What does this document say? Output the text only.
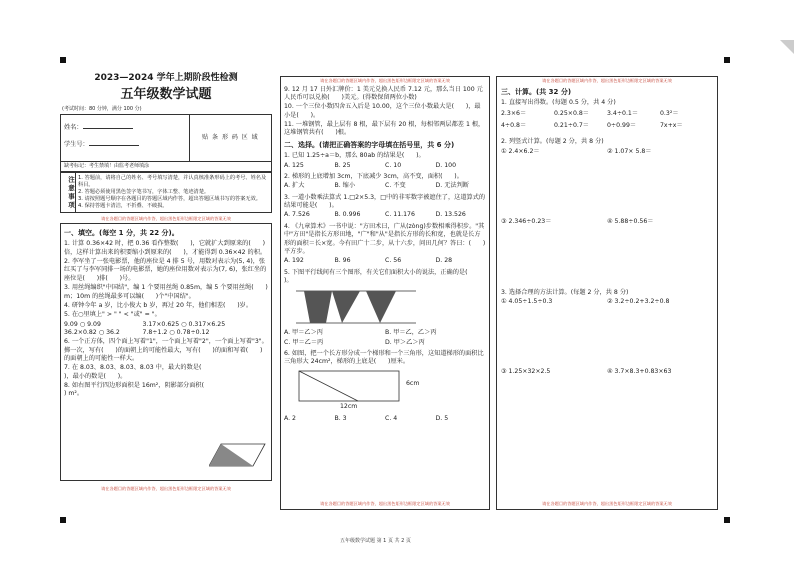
2023—2024 学年上期阶段性检测
五年级数学试题
(考试时间：80 分钟，满分 100 分)
姓名：
学生号：
贴 条 形 码 区 域
缺考标记：考生禁填！由监考老师填涂
注意事项 1. 答题前，请将自己的姓名、考号填写清楚，并认真核准条形码上的考号、姓名及科目。
2. 答题必须使用黑色签字笔书写，字体工整、笔迹清楚。
3. 请按照题号顺序在各题目的答题区域内作答，超出答题区域书写的答案无效。
4. 保持答题卡清洁，不折叠、不破损。
请在各题目的答题区域内作答，超出黑色矩形边框限定区域的答案无效
一、填空。(每空 1 分，共 22 分)。
1. 计算 0.36×42 时，把 0.36 看作整数(      )，它就扩大到原来的(      )倍，这样计算出来的积要缩小到原来的(      )，才能得到 0.36×42 的积。
2. 李军坐了一张电影票，他的座位是 4 排 5 号，用数对表示为(5, 4)，张红买了与李军同排一场的电影票，她的座位用数对表示为(7, 6)，张红坐的座位是(      )排(      )号。
3. 用丝绳编织"中国结"，编 1 个要用丝绳 0.85m，编 5 个要用丝绳(      ) m；10m 的丝绳最多可以编(      )个"中国结"。
4. 研钟今年 a 岁，比小俊大 b 岁，再过 20 年，他们相差(      )岁。
5. 在○里填上" > " " < "或" = "。
9.09 ○ 9.09	3.17×0.625 ○ 0.317×6.25
36.2×0.82 ○ 36.2	7.8÷1.2 ○ 0.78÷0.12
6. 一个正方体，四个面上写着"1"，一个面上写着"2"，一个面上写着"3"。掷一次，写有(      )的面朝上的可能性最大，写有(      )的面和写着(      )的面朝上的可能性一样大。
7. 在 8.03、8.03、8.03、8.03 中，最大的数是(      )，最小的数是(      )。
8. 如右图平行四边形面积是 16m²，阴影部分面积(      ) m²。
请在各题目的答题区域内作答，超出黑色矩形边框限定区域的答案无效
请在各题目的答题区域内作答，超出黑色矩形边框限定区域的答案无效
9. 12 月 17 日外汇牌价：1 美元兑换人民币 7.12 元，那么当日 100 元人民币可以兑换(      )美元。(得数保留两位小数)
10. 一个三位小数四舍五入后是 10.00，这个三位小数最大是(      )，最小是(      )。
11. 一堆钢管，最上层有 8 根，最下层有 20 根，每相邻两层都差 1 根，这堆钢管共有(      )根。
二、选择。(请把正确答案的字母填在括号里，共 6 分)
1. 已知 1.25÷a＝b，那么 80ab 的结果是(      )。
A. 125	B. 25	C. 10	D. 100
2. 梯形的上底增加 3cm，下底减少 3cm，高不变，面积(      )。
A. 扩大	B. 缩小	C. 不变	D. 无法判断
3. 一道小数乘法算式 1.□2×5.3，□中的非零数字被遮住了，这道算式的结果可能是(      )。
A. 7.526	B. 0.996	C. 11.176	D. 13.526
4. 《九章算术》一书中说："方田术曰，广从(zòng)步数相乘得积步。"其中"方田"是指长方形田地，"广"和"从"是指长方形的长和宽，也就是长方形的面积＝长×宽。今有田广十二步，从十六步，问田几何？答曰：(      )平方步。
A. 192	B. 96	C. 56	D. 28
5. 下图平行线间有三个图形，有关它们面积大小的说法，正确的是(      )。
A. 甲＝乙＞丙	B. 甲＝乙，乙＞丙
C. 甲＝乙＝丙	D. 甲＞乙＞丙
6. 如图，把一个长方形分成一个梯形和一个三角形，这知道梯形的面积比三角形大 24cm²，梯形的上底是(      )厘米。
6cm
12cm
A. 2	B. 3	C. 4	D. 5
请在各题目的答题区域内作答，超出黑色矩形边框限定区域的答案无效
请在各题目的答题区域内作答，超出黑色矩形边框限定区域的答案无效
三、计算。(共 32 分)
1. 直接写出得数。(每题 0.5 分，共 4 分)
2.3×6＝	0.25×0.8＝	3.4÷0.1＝	0.3²＝
4÷0.8＝	0.21÷0.7＝	0÷0.99＝	7x+x＝
2. 列竖式计算。(每题 2 分，共 8 分)
① 2.4×6.2＝	② 1.07× 5.8＝
③ 2.346÷0.23＝	④ 5.88÷0.56＝
3. 选择合理的方法计算。(每题 2 分，共 8 分)
① 4.05÷1.5÷0.3	② 3.2÷0.2+3.2÷0.8
③ 1.25×32×2.5	④ 3.7×8.3+0.83×63
请在各题目的答题区域内作答，超出黑色矩形边框限定区域的答案无效
五年级数学试题 第 1 页 共 2 页
